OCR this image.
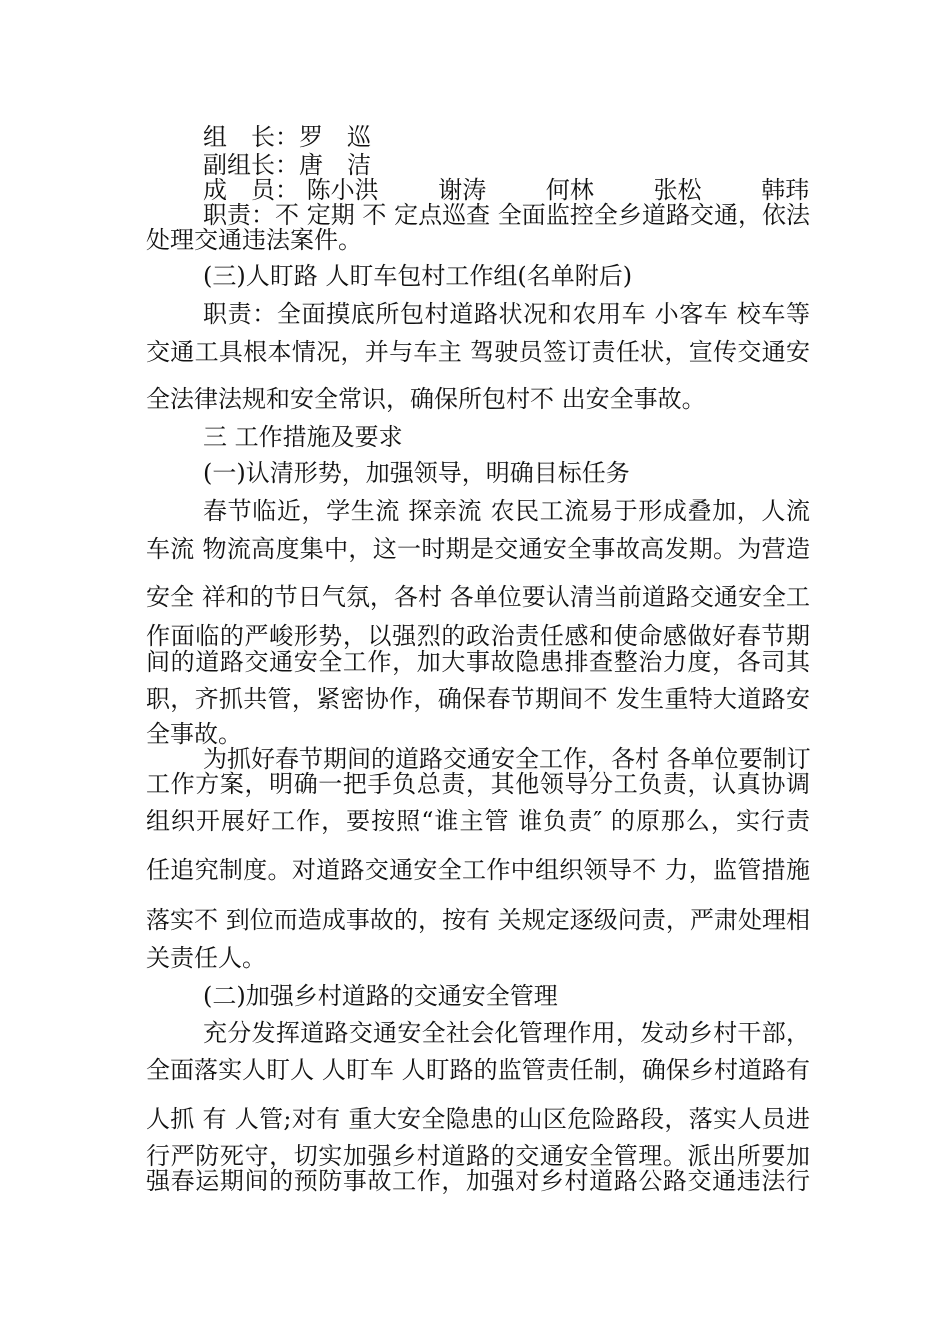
组　长：罗　巡
副组长：唐　洁
成　员： 陈小洪 谢涛 何林 张松 韩玮

职责：不 定期 不 定点巡查 全面监控全乡道路交通，依法

处理交通违法案件。

(三)人盯路 人盯车包村工作组(名单附后)

职责：全面摸底所包村道路状况和农用车 小客车 校车等

交通工具根本情况，并与车主 驾驶员签订责任状，宣传交通安

全法律法规和安全常识，确保所包村不 出安全事故。

三 工作措施及要求

(一)认清形势，加强领导，明确目标任务

春节临近，学生流 探亲流 农民工流易于形成叠加，人流

车流 物流高度集中，这一时期是交通安全事故高发期。为营造

安全 祥和的节日气氛，各村 各单位要认清当前道路交通安全工

作面临的严峻形势，以强烈的政治责任感和使命感做好春节期

间的道路交通安全工作，加大事故隐患排查整治力度，各司其

职，齐抓共管，紧密协作，确保春节期间不 发生重特大道路安

全事故。

为抓好春节期间的道路交通安全工作，各村 各单位要制订

工作方案，明确一把手负总责，其他领导分工负责，认真协调

组织开展好工作，要按照“谁主管 谁负责″ 的原那么，实行责

任追究制度。对道路交通安全工作中组织领导不 力，监管措施

落实不 到位而造成事故的，按有 关规定逐级问责，严肃处理相

关责任人。

(二)加强乡村道路的交通安全管理

充分发挥道路交通安全社会化管理作用，发动乡村干部，

全面落实人盯人 人盯车 人盯路的监管责任制，确保乡村道路有

人抓 有 人管;对有 重大安全隐患的山区危险路段，落实人员进

行严防死守，切实加强乡村道路的交通安全管理。派出所要加

强春运期间的预防事故工作，加强对乡村道路公路交通违法行
